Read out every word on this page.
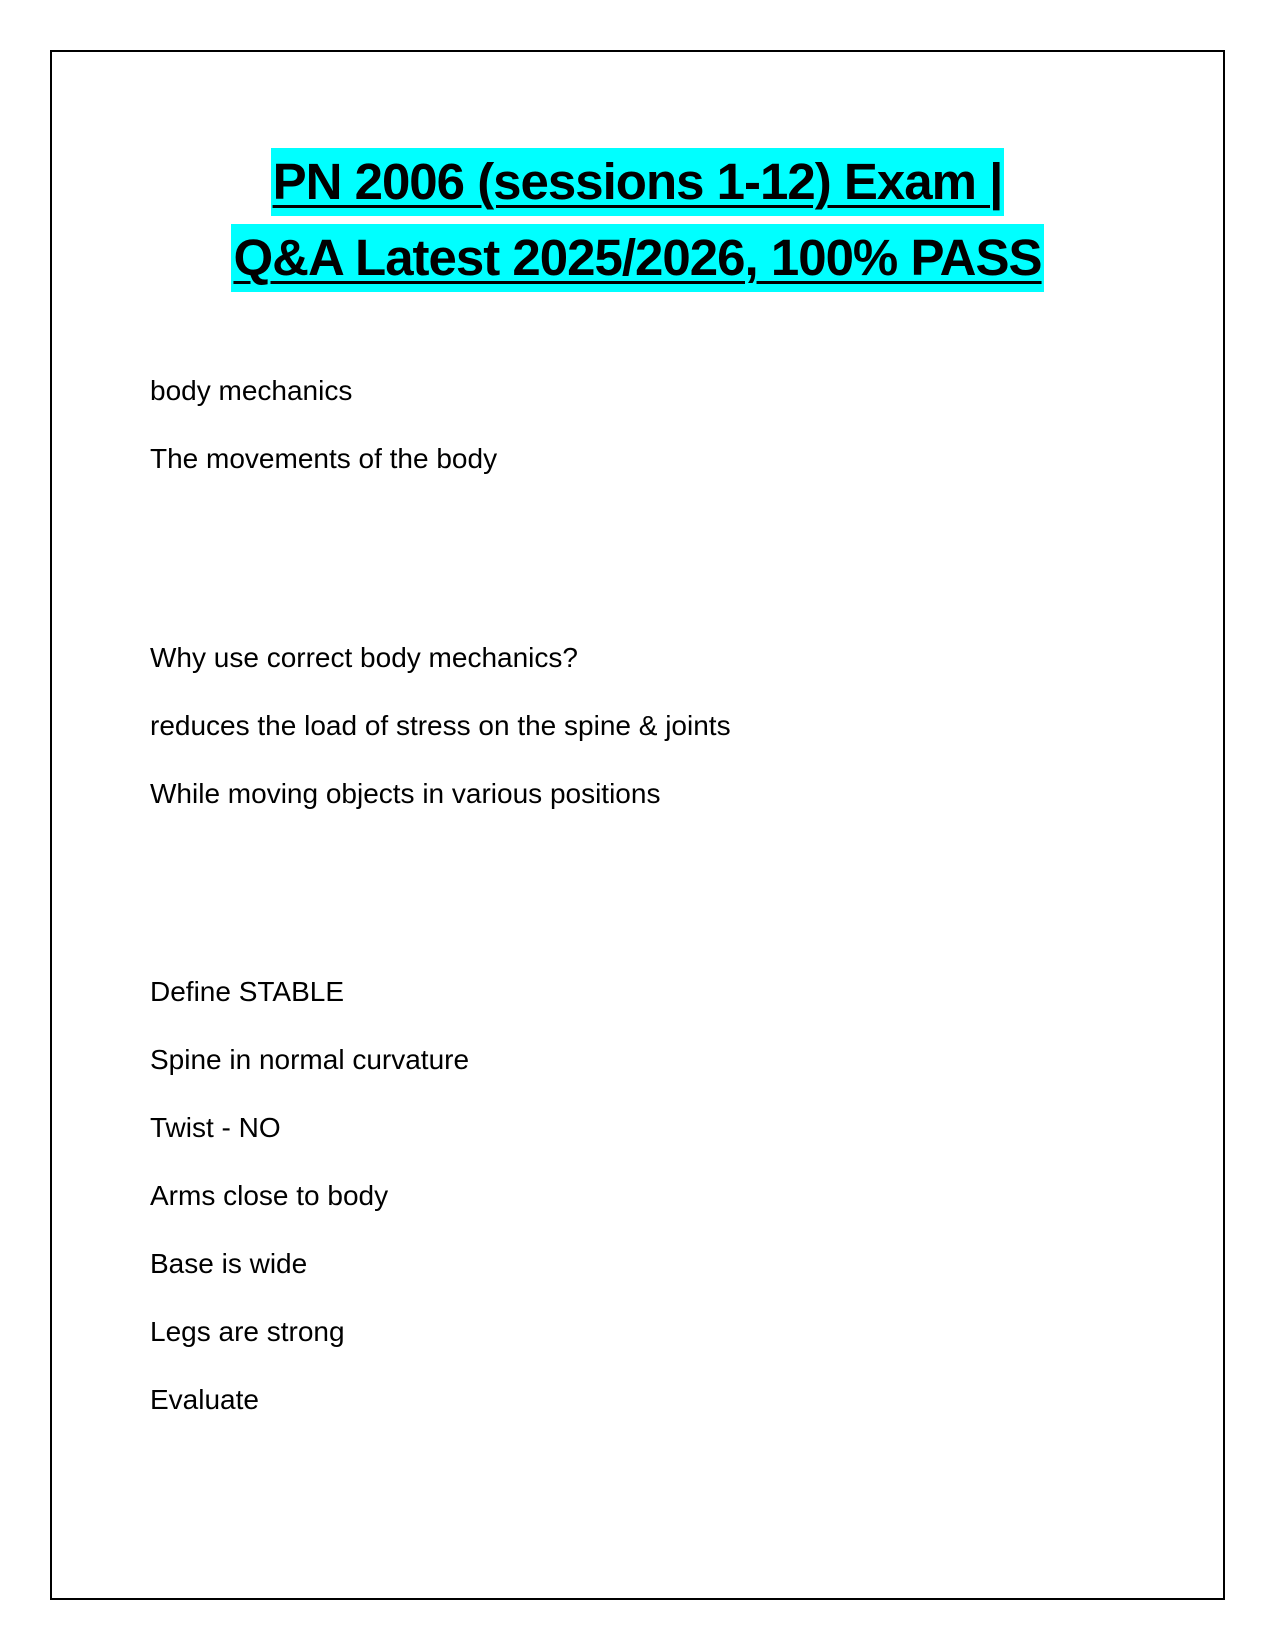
PN 2006 (sessions 1-12) Exam |
Q&A Latest 2025/2026, 100% PASS
body mechanics
The movements of the body
Why use correct body mechanics?
reduces the load of stress on the spine & joints
While moving objects in various positions
Define STABLE
Spine in normal curvature
Twist - NO
Arms close to body
Base is wide
Legs are strong
Evaluate
